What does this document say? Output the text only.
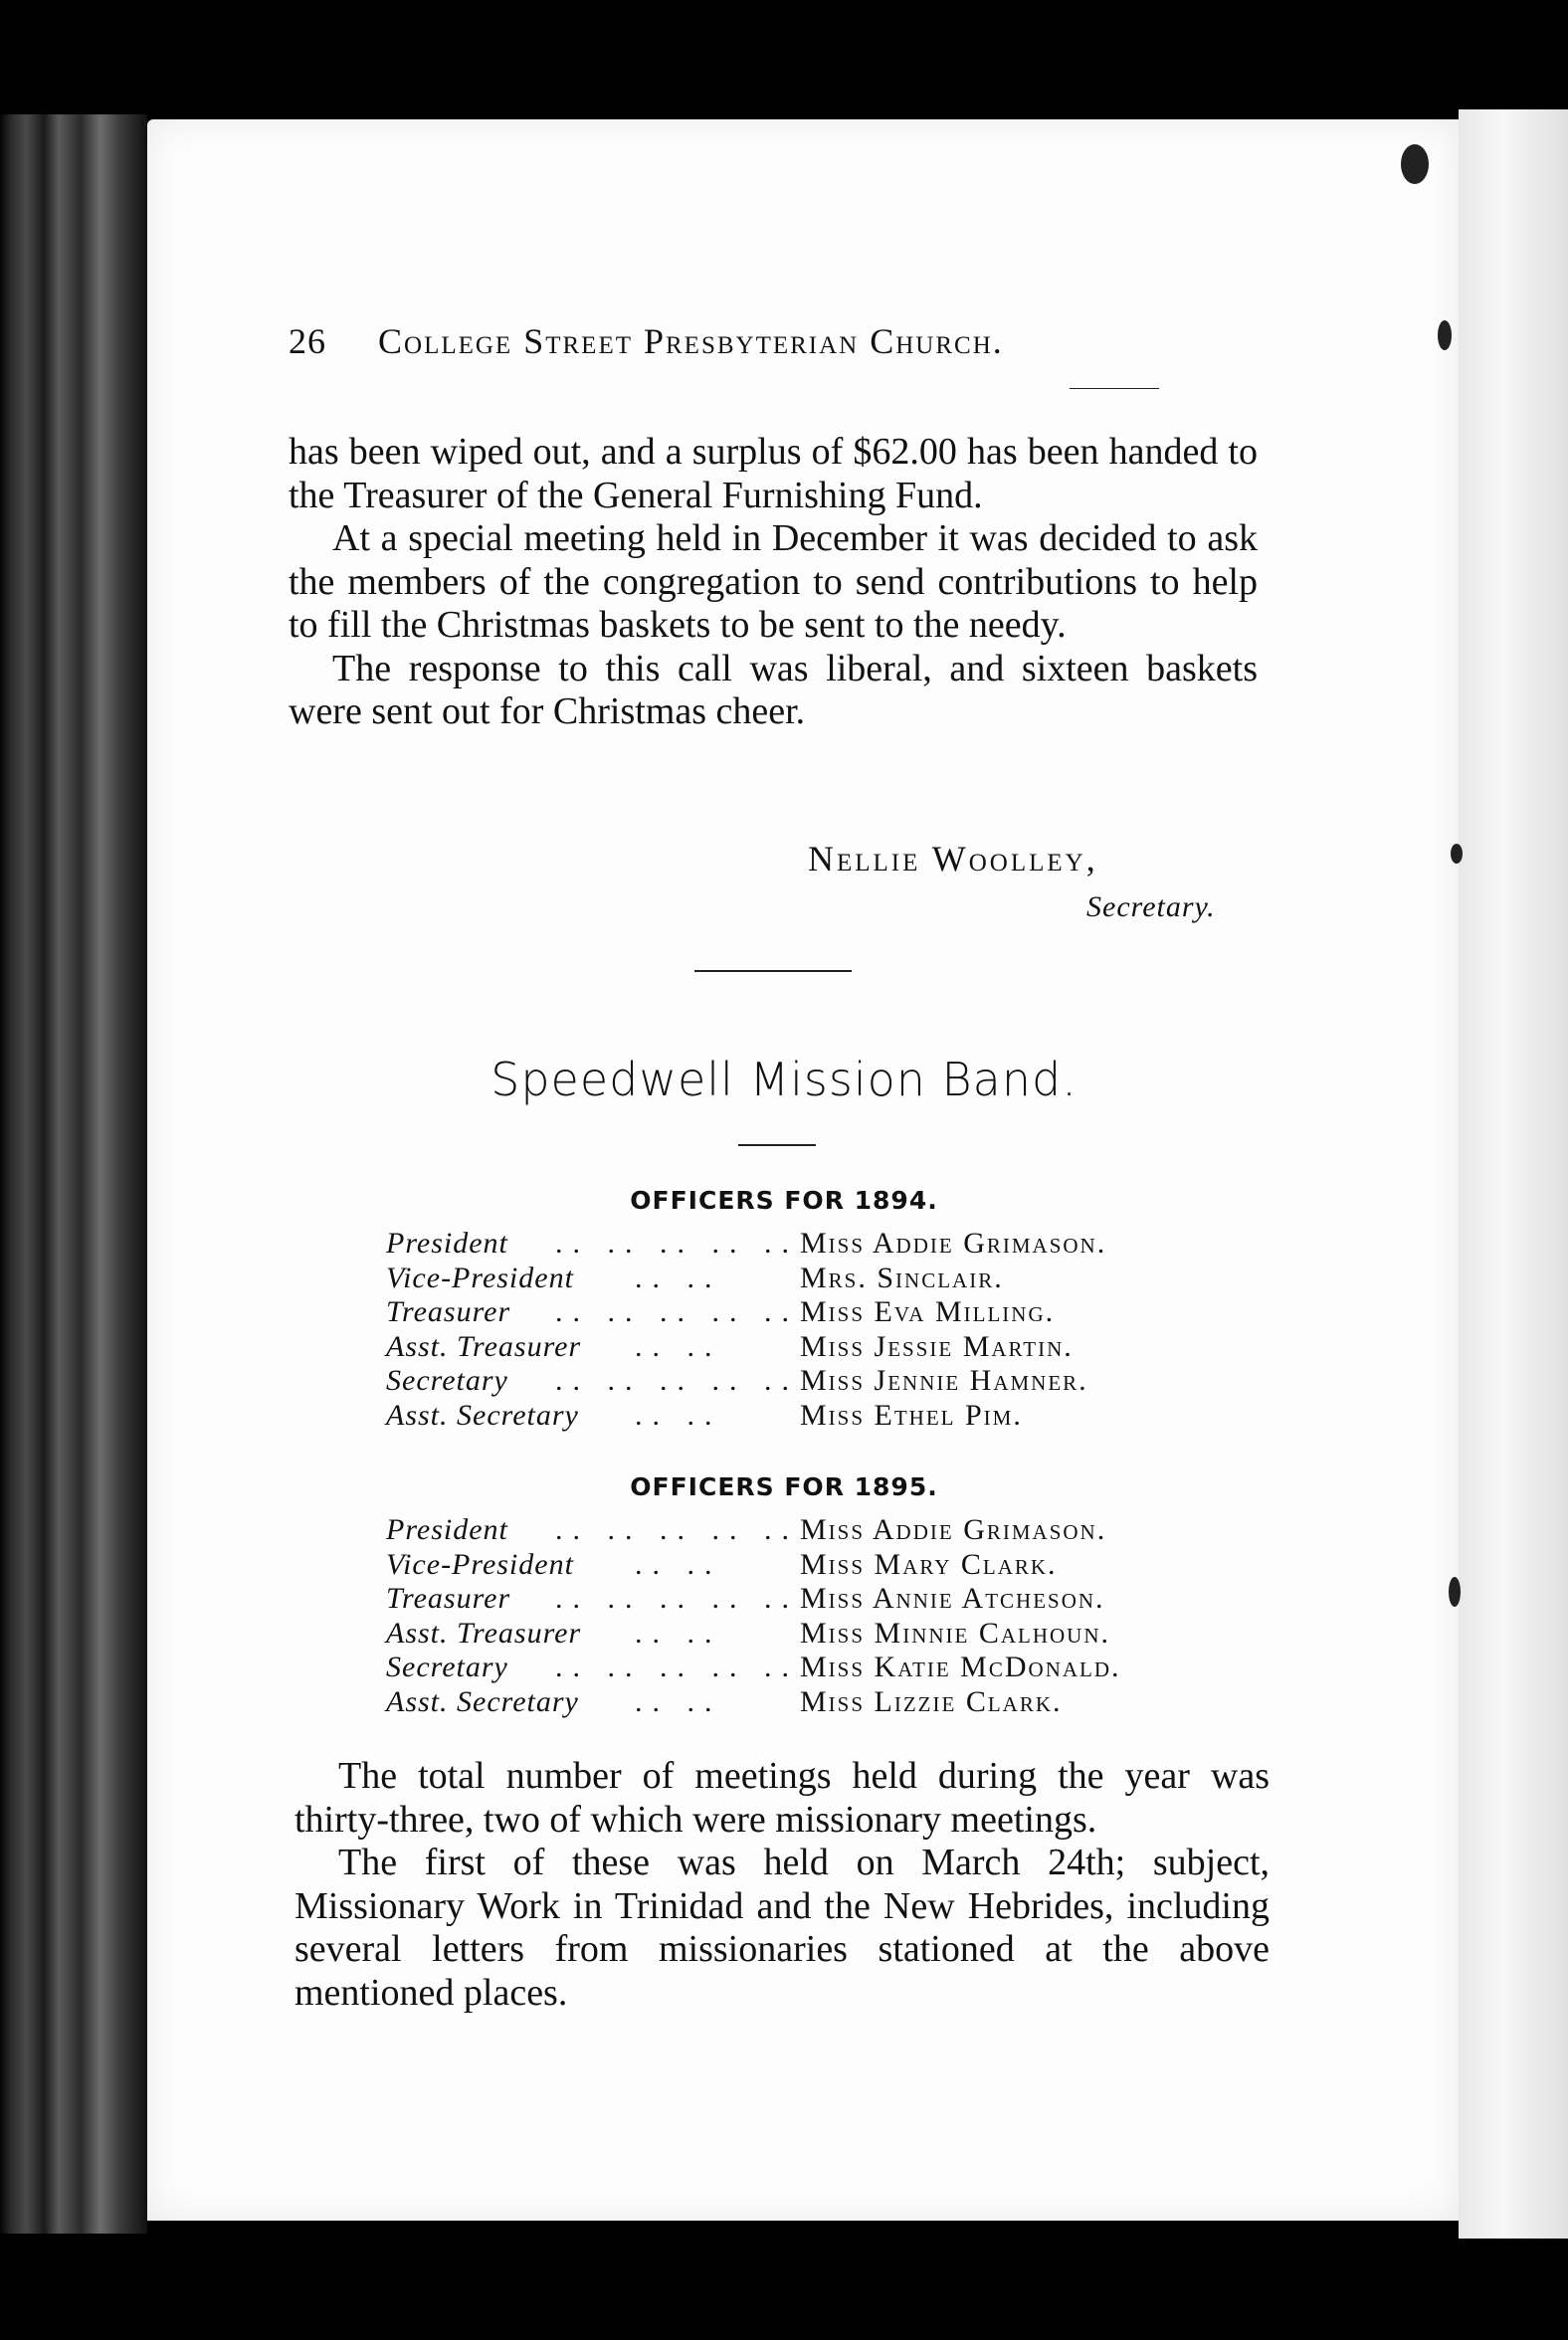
26 College Street Presbyterian Church.

has been wiped out, and a surplus of $62.00 has been handed to the Treasurer of the General Furnishing Fund.

At a special meeting held in December it was decided to ask the members of the congregation to send contributions to help to fill the Christmas baskets to be sent to the needy.

The response to this call was liberal, and sixteen baskets were sent out for Christmas cheer.

Nellie Woolley,
Secretary.
Speedwell Mission Band.
OFFICERS FOR 1894.
President .. .. .. .. .. Miss Addie Grimason.
Vice-President .. ..	Mrs. Sinclair.
Treasurer .. .. .. .. .. Miss Eva Milling.
Asst. Treasurer .. ..	Miss Jessie Martin.
Secretary .. .. .. .. .. Miss Jennie Hamner.
Asst. Secretary .. ..	Miss Ethel Pim.
OFFICERS FOR 1895.
President .. .. .. .. .. Miss Addie Grimason.
Vice-President .. ..	Miss Mary Clark.
Treasurer .. .. .. .. .. Miss Annie Atcheson.
Asst. Treasurer .. ..	Miss Minnie Calhoun.
Secretary .. .. .. .. .. Miss Katie McDonald.
Asst. Secretary .. ..	Miss Lizzie Clark.

The total number of meetings held during the year was thirty-three, two of which were missionary meetings.

The first of these was held on March 24th; subject, Missionary Work in Trinidad and the New Hebrides, including several letters from missionaries stationed at the above mentioned places.
